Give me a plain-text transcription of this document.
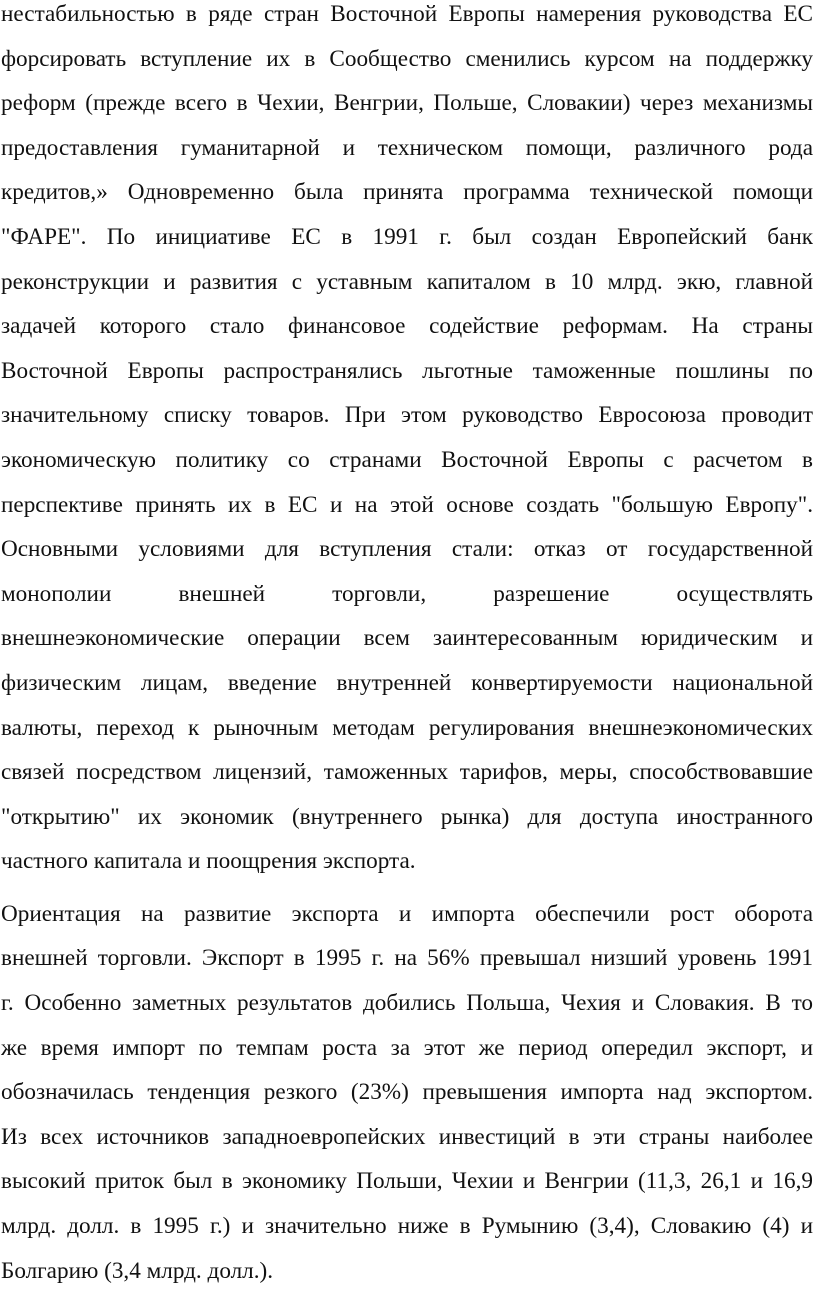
нестабильностью в ряде стран Восточной Европы намерения руководства ЕС
форсировать вступление их в Сообщество сменились курсом на поддержку
реформ (прежде всего в Чехии, Венгрии, Польше, Словакии) через механизмы
предоставления гуманитарной и техническом помощи, различного рода
кредитов,» Одновременно была принята программа технической помощи
"ФАРЕ". По инициативе ЕС в 1991 г. был создан Европейский банк
реконструкции и развития с уставным капиталом в 10 млрд. экю, главной
задачей которого стало финансовое содействие реформам. На страны
Восточной Европы распространялись льготные таможенные пошлины по
значительному списку товаров. При этом руководство Евросоюза проводит
экономическую политику со странами Восточной Европы с расчетом в
перспективе принять их в ЕС и на этой основе создать "большую Европу".
Основными условиями для вступления стали: отказ от государственной
монополии внешней торговли, разрешение осуществлять
внешнеэкономические операции всем заинтересованным юридическим и
физическим лицам, введение внутренней конвертируемости национальной
валюты, переход к рыночным методам регулирования внешнеэкономических
связей посредством лицензий, таможенных тарифов, меры, способствовавшие
"открытию" их экономик (внутреннего рынка) для доступа иностранного
частного капитала и поощрения экспорта.

Ориентация на развитие экспорта и импорта обеспечили рост оборота
внешней торговли. Экспорт в 1995 г. на 56% превышал низший уровень 1991
г. Особенно заметных результатов добились Польша, Чехия и Словакия. В то
же время импорт по темпам роста за этот же период опередил экспорт, и
обозначилась тенденция резкого (23%) превышения импорта над экспортом.
Из всех источников западноевропейских инвестиций в эти страны наиболее
высокий приток был в экономику Польши, Чехии и Венгрии (11,3, 26,1 и 16,9
млрд. долл. в 1995 г.) и значительно ниже в Румынию (3,4), Словакию (4) и
Болгарию (3,4 млрд. долл.).
